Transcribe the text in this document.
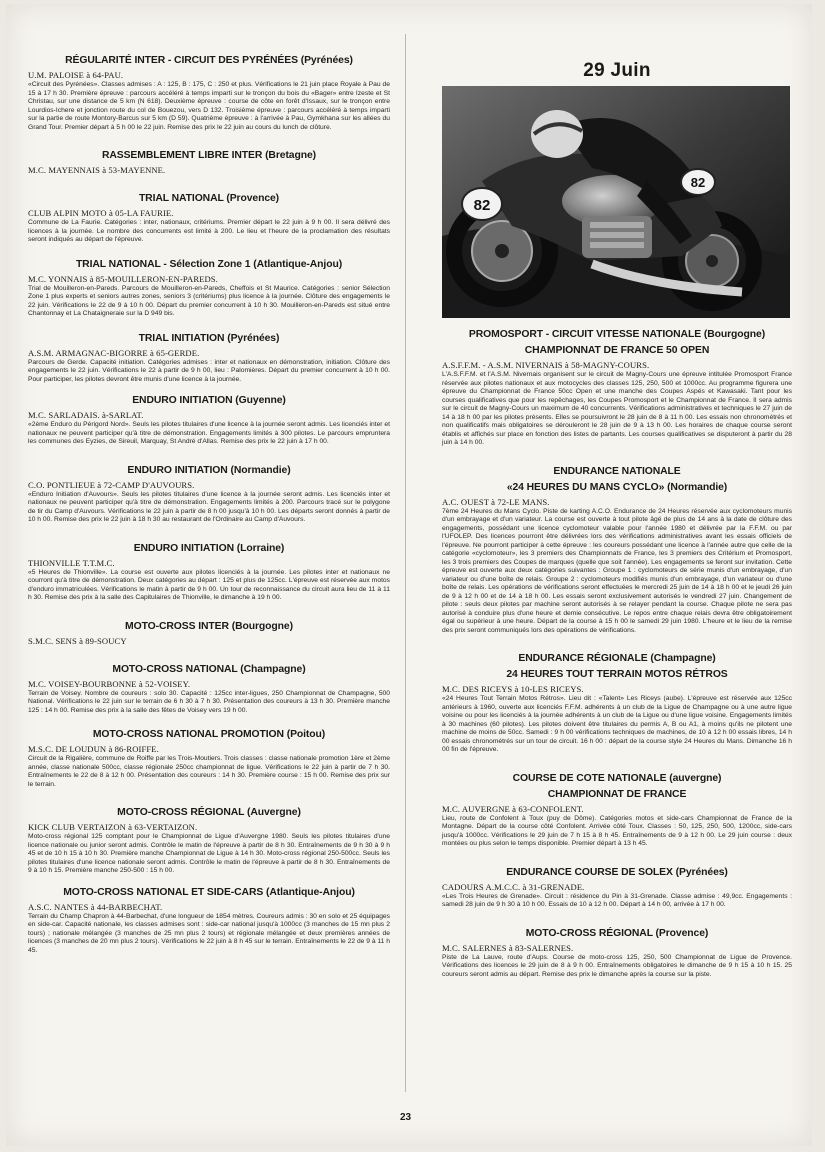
RÉGULARITÉ INTER - CIRCUIT DES PYRÉNÉES (Pyrénées)
U.M. PALOISE à 64-PAU.

«Circuit des Pyrénées». Classes admises : A : 125, B : 175, C : 250 et plus. Vérifications le 21 juin place Royale à Pau de 15 à 17 h 30. Première épreuve : parcours accéléré à temps imparti sur le tronçon du bois du «Bager» entre Izeste et St Christau, sur une distance de 5 km (N 618). Deuxième épreuve : course de côte en forêt d'Issaux, sur le tronçon entre Lourdios-Ichere et jonction route du col de Bouezou, vers D 132. Troisième épreuve : parcours accéléré à temps imparti sur la partie de route Montory-Barcus sur 5 km (D 59). Quatrième épreuve : à l'arrivée à Pau, Gymkhana sur les allées du Grand Tour. Premier départ à 5 h 00 le 22 juin. Remise des prix le 22 juin au cours du lunch de clôture.

RASSEMBLEMENT LIBRE INTER (Bretagne)
M.C. MAYENNAIS à 53-MAYENNE.
TRIAL NATIONAL (Provence)
CLUB ALPIN MOTO à 05-LA FAURIE.

Commune de La Faurie. Catégories : inter, nationaux, critériums. Premier départ le 22 juin à 9 h 00. Il sera délivré des licences à la journée. Le nombre des concurrents est limité à 200. Le lieu et l'heure de la proclamation des résultats seront indiqués au départ de l'épreuve.

TRIAL NATIONAL - Sélection Zone 1 (Atlantique-Anjou)
M.C. YONNAIS à 85-MOUILLERON-EN-PAREDS.

Trial de Mouilleron-en-Pareds. Parcours de Mouilleron-en-Pareds, Cheffois et St Maurice. Catégories : senior Sélection Zone 1 plus experts et seniors autres zones, seniors 3 (critériums) plus licence à la journée. Clôture des engagements le 22 juin. Vérifications le 22 de 9 à 10 h 00. Départ du premier concurrent à 10 h 30. Mouilleron-en-Pareds est situé entre Chantonnay et La Chataigneraie sur la D 949 bis.

TRIAL INITIATION (Pyrénées)
A.S.M. ARMAGNAC-BIGORRE à 65-GERDE.

Parcours de Gerde. Capacité initiation. Catégories admises : inter et nationaux en démonstration, initiation. Clôture des engagements le 22 juin. Vérifications le 22 à partir de 9 h 00, lieu : Palomières. Départ du premier concurrent à 10 h 00. Pour participer, les pilotes devront être munis d'une licence à la journée.

ENDURO INITIATION (Guyenne)
M.C. SARLADAIS. à-SARLAT.

«2ème Enduro du Périgord Nord». Seuls les pilotes titulaires d'une licence à la journée seront admis. Les licenciés inter et nationaux ne peuvent participer qu'à titre de démonstration. Engagements limités à 300 pilotes. Le parcours empruntera les communes des Eyzies, de Sireuil, Marquay, St André d'Allas. Remise des prix le 22 juin à 17 h 00.

ENDURO INITIATION (Normandie)
C.O. PONTLIEUE à 72-CAMP D'AUVOURS.

«Enduro Initiation d'Auvours». Seuls les pilotes titulaires d'une licence à la journée seront admis. Les licenciés inter et nationaux ne peuvent participer qu'à titre de démonstration. Engagements limités à 200. Parcours tracé sur le polygone de tir du Camp d'Auvours. Vérifications le 22 juin à partir de 8 h 00 jusqu'à 10 h 00. Les départs seront donnés à partir de 10 h 00. Remise des prix le 22 juin à 18 h 30 au restaurant de l'Ordinaire au Camp d'Auvours.

ENDURO INITIATION (Lorraine)
THIONVILLE T.T.M.C.

«5 Heures de Thionville». La course est ouverte aux pilotes licenciés à la journée. Les pilotes inter et nationaux ne courront qu'à titre de démonstration. Deux catégories au départ : 125 et plus de 125cc. L'épreuve est réservée aux motos d'enduro immatriculées. Vérifications le matin à partir de 9 h 00. Un tour de reconnaissance du circuit aura lieu de 11 à 11 h 30. Remise des prix à la salle des Capitulaires de Thionville, le dimanche à 19 h 00.

MOTO-CROSS INTER (Bourgogne)
S.M.C. SENS à 89-SOUCY
MOTO-CROSS NATIONAL (Champagne)
M.C. VOISEY-BOURBONNE à 52-VOISEY.

Terrain de Voisey. Nombre de coureurs : solo 30. Capacité : 125cc inter-ligues, 250 Championnat de Champagne, 500 National. Vérifications le 22 juin sur le terrain de 6 h 30 à 7 h 30. Présentation des coureurs à 13 h 30. Première manche 125 : 14 h 00. Remise des prix à la salle des fêtes de Voisey vers 19 h 00.

MOTO-CROSS NATIONAL PROMOTION (Poitou)
M.S.C. DE LOUDUN à 86-ROIFFE.

Circuit de la Rigalière, commune de Roiffe par les Trois-Moutiers. Trois classes : classe nationale promotion 1ère et 2ème année, classe nationale 500cc, classe régionale 250cc championnat de ligue. Vérifications le 22 juin à partir de 7 h 30. Entraînements le 22 de 8 à 12 h 00. Présentation des coureurs : 14 h 30. Première course : 15 h 00. Remise des prix sur le terrain.

MOTO-CROSS RÉGIONAL (Auvergne)
KICK CLUB VERTAIZON à 63-VERTAIZON.

Moto-cross régional 125 comptant pour le Championnat de Ligue d'Auvergne 1980. Seuls les pilotes titulaires d'une licence nationale ou junior seront admis. Contrôle le matin de l'épreuve à partir de 8 h 30. Entraînements de 9 h 30 à 9 h 45 et de 10 h 15 à 10 h 30. Première manche Championnat de Ligue à 14 h 30. Moto-cross régional 250-500cc. Seuls les pilotes titulaires d'une licence nationale seront admis. Contrôle le matin de l'épreuve à partir de 8 h 30. Entraînements de 9 à 10 h 15. Première manche 250-500 : 15 h 00.

MOTO-CROSS NATIONAL ET SIDE-CARS (Atlantique-Anjou)
A.S.C. NANTES à 44-BARBECHAT.

Terrain du Champ Chapron à 44-Barbechat, d'une longueur de 1854 mètres. Coureurs admis : 30 en solo et 25 équipages en side-car. Capacité nationale, les classes admises sont : side-car national jusqu'à 1000cc (3 manches de 15 mn plus 2 tours) ; nationale mélangée (3 manches de 25 mn plus 2 tours) et régionale mélangée et deux premières années de licences (3 manches de 20 mn plus 2 tours). Vérifications le 22 juin à 8 h 45 sur le terrain. Entraînements le 22 de 9 à 11 h 45.

29 Juin
82
82
PROMOSPORT - CIRCUIT VITESSE NATIONALE (Bourgogne)
CHAMPIONNAT DE FRANCE 50 OPEN
A.S.F.F.M. - A.S.M. NIVERNAIS à 58-MAGNY-COURS.

L'A.S.F.F.M. et l'A.S.M. Nivernais organisent sur le circuit de Magny-Cours une épreuve intitulée Promosport France réservée aux pilotes nationaux et aux motocycles des classes 125, 250, 500 et 1000cc. Au programme figurera une épreuve du Championnat de France 50cc Open et une manche des Coupes Aspés et Kawasaki. Tant pour les courses qualificatives que pour les repêchages, les Coupes Promosport et le Championnat de France. Il sera admis sur le circuit de Magny-Cours un maximum de 40 concurrents. Vérifications administratives et techniques le 27 juin de 14 à 18 h 00 par les pilotes présents. Elles se poursuivront le 28 juin de 8 à 11 h 00. Les essais non chronométrés et non qualificatifs mais obligatoires se dérouleront le 28 juin de 9 à 13 h 00. Les horaires de chaque course seront établis et affichés sur place en fonction des listes de partants. Les courses qualificatives se disputeront à partir du 28 juin à 14 h 00.

ENDURANCE NATIONALE
«24 HEURES DU MANS CYCLO» (Normandie)
A.C. OUEST à 72-LE MANS.

7ème 24 Heures du Mans Cyclo. Piste de karting A.C.O. Endurance de 24 Heures réservée aux cyclomoteurs munis d'un embrayage et d'un variateur. La course est ouverte à tout pilote âgé de plus de 14 ans à la date de clôture des engagements, possédant une licence cyclomoteur valable pour l'année 1980 et délivrée par la F.F.M. ou par l'UFOLEP. Des licences pourront être délivrées lors des vérifications administratives avant les essais officiels de l'épreuve. Ne pourront participer à cette épreuve : les coureurs possédant une licence à l'année autre que celle de la catégorie «cyclomoteur», les 3 premiers des Championnats de France, les 3 premiers des Critérium et Promosport, les 3 trois premiers des Coupes de marques (quelle que soit l'année). Les engagements se feront sur invitation. Cette épreuve est ouverte aux deux catégories suivantes : Groupe 1 : cyclomoteurs de série munis d'un embrayage, d'un variateur ou d'une boîte de relais. Groupe 2 : cyclomoteurs modifiés munis d'un embrayage, d'un variateur ou d'une boîte de relais. Les opérations de vérifications seront effectuées le mercredi 25 juin de 14 à 18 h 00 et le jeudi 26 juin de 9 à 12 h 00 et de 14 à 18 h 00. Les essais seront exclusivement autorisés le vendredi 27 juin. Changement de pilote : seuls deux pilotes par machine seront autorisés à se relayer pendant la course. Chaque pilote ne sera pas autorisé à conduire plus d'une heure et demie consécutive. Le repos entre chaque relais devra être obligatoirement égal ou supérieur à une heure. Départ de la course à 15 h 00 le samedi 29 juin 1980. L'heure et le lieu de la remise des prix seront communiqués lors des opérations de vérifications.

ENDURANCE RÉGIONALE (Champagne)
24 HEURES TOUT TERRAIN MOTOS RÉTROS
M.C. DES RICEYS à 10-LES RICEYS.

«24 Heures Tout Terrain Motos Rétros». Lieu dit : «Talent» Les Riceys (aube). L'épreuve est réservée aux 125cc antérieurs à 1960, ouverte aux licenciés F.F.M. adhérents à un club de la Ligue de Champagne ou à une autre ligue voisine ou pour les licenciés à la journée adhérents à un club de la Ligue ou d'une ligue voisine. Engagements limités à 30 machines (60 pilotes). Les pilotes doivent être titulaires du permis A, B ou A1, à moins qu'ils ne pilotent une machine de moins de 50cc. Samedi : 9 h 00 vérifications techniques de machines, de 10 à 12 h 00 essais libres, 14 h 00 essais chronométrés sur un tour de circuit. 16 h 00 : départ de la course style 24 Heures du Mans. Dimanche 16 h 00 fin de l'épreuve.

COURSE DE COTE NATIONALE (auvergne)
CHAMPIONNAT DE FRANCE
M.C. AUVERGNE à 63-CONFOLENT.

Lieu, route de Confolent à Toux (puy de Dôme). Catégories motos et side-cars Championnat de France de la Montagne. Départ de la course côté Confolent. Arrivée côté Toux. Classes : 50, 125, 250, 500, 1200cc, side-cars jusqu'à 1000cc. Vérifications le 29 juin de 7 h 15 à 8 h 45. Entraînements de 9 à 12 h 00. Le 29 juin course : deux montées ou plus selon le temps disponible. Premier départ à 13 h 45.

ENDURANCE COURSE DE SOLEX (Pyrénées)
CADOURS A.M.C.C. à 31-GRENADE.

«Les Trois Heures de Grenade». Circuit : résidence du Pin à 31-Grenade. Classe admise : 49,9cc. Engagements : samedi 28 juin de 9 h 30 à 10 h 00. Essais de 10 à 12 h 00. Départ à 14 h 00, arrivée à 17 h 00.

MOTO-CROSS RÉGIONAL (Provence)
M.C. SALERNES à 83-SALERNES.

Piste de La Lauve, route d'Aups. Course de moto-cross 125, 250, 500 Championnat de Ligue de Provence. Vérifications des licences le 29 juin de 8 à 9 h 00. Entraînements obligatoires le dimanche de 9 h 15 à 10 h 15. 25 coureurs seront admis au départ. Remise des prix le dimanche après la course sur la piste.

23
